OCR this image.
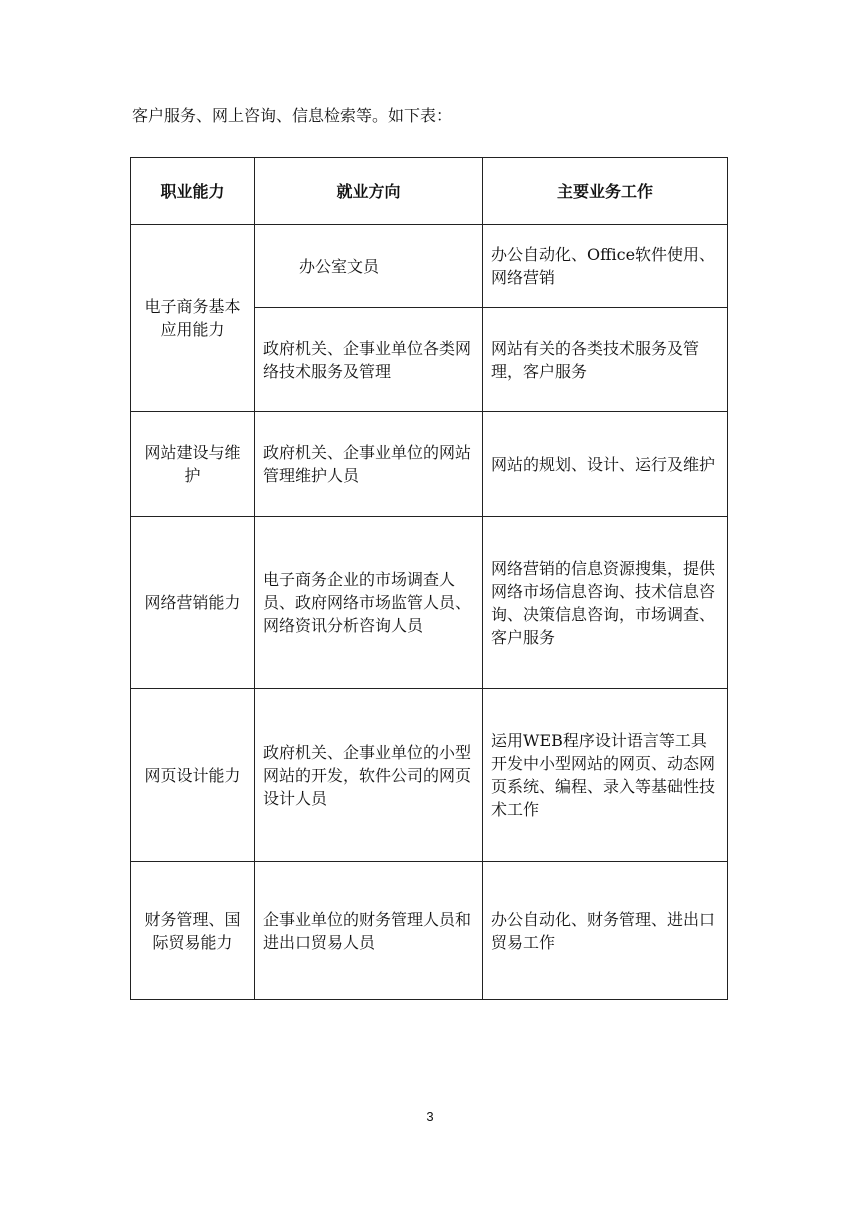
客户服务、网上咨询、信息检索等。如下表：
职业能力	就业方向	主要业务工作
电子商务基本应用能力	办公室文员	办公自动化、Office软件使用、网络营销
	政府机关、企事业单位各类网络技术服务及管理	网站有关的各类技术服务及管理，客户服务
网站建设与维护	政府机关、企事业单位的网站管理维护人员	网站的规划、设计、运行及维护
网络营销能力	电子商务企业的市场调查人员、政府网络市场监管人员、网络资讯分析咨询人员	网络营销的信息资源搜集，提供网络市场信息咨询、技术信息咨询、决策信息咨询，市场调查、客户服务
网页设计能力	政府机关、企事业单位的小型网站的开发，软件公司的网页设计人员	运用WEB程序设计语言等工具开发中小型网站的网页、动态网页系统、编程、录入等基础性技术工作
财务管理、国际贸易能力	企事业单位的财务管理人员和进出口贸易人员	办公自动化、财务管理、进出口贸易工作
3
